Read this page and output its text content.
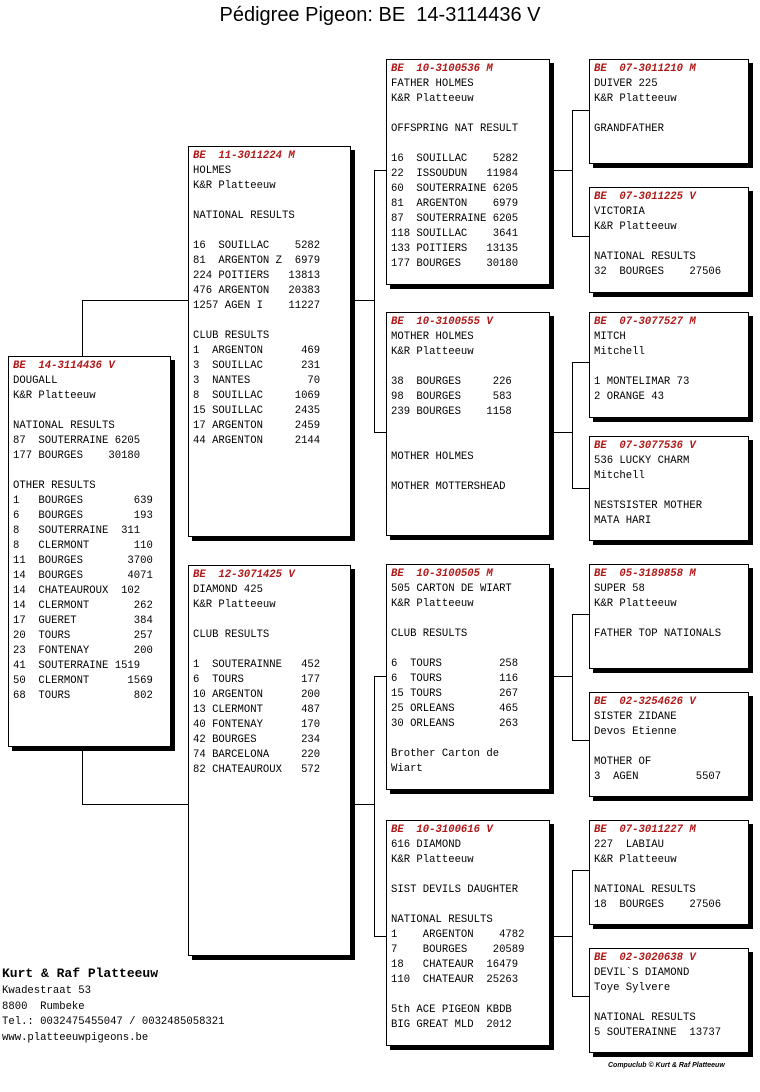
Pédigree Pigeon: BE  14-3114436 V
BE  14-3114436 V
DOUGALL
K&R Platteeuw
NATIONAL RESULTS
87  SOUTERRAINE 6205
177 BOURGES    30180
OTHER RESULTS
1   BOURGES        639
6   BOURGES        193
8   SOUTERRAINE  311
8   CLERMONT       110
11  BOURGES       3700
14  BOURGES       4071
14  CHATEAUROUX  102
14  CLERMONT       262
17  GUERET         384
20  TOURS          257
23  FONTENAY       200
41  SOUTERRAINE 1519
50  CLERMONT      1569
68  TOURS          802
BE  11-3011224 M
HOLMES
K&R Platteeuw
NATIONAL RESULTS
16  SOUILLAC    5282
81  ARGENTON Z  6979
224 POITIERS   13813
476 ARGENTON   20383
1257 AGEN I    11227
CLUB RESULTS
1  ARGENTON      469
3  SOUILLAC      231
3  NANTES         70
8  SOUILLAC     1069
15 SOUILLAC     2435
17 ARGENTON     2459
44 ARGENTON     2144
BE  12-3071425 V
DIAMOND 425
K&R Platteeuw
CLUB RESULTS
1  SOUTERAINNE   452
6  TOURS         177
10 ARGENTON      200
13 CLERMONT      487
40 FONTENAY      170
42 BOURGES       234
74 BARCELONA     220
82 CHATEAUROUX   572
BE  10-3100536 M
FATHER HOLMES
K&R Platteeuw
OFFSPRING NAT RESULT
16  SOUILLAC    5282
22  ISSOUDUN   11984
60  SOUTERRAINE 6205
81  ARGENTON    6979
87  SOUTERRAINE 6205
118 SOUILLAC    3641
133 POITIERS   13135
177 BOURGES    30180
BE  10-3100555 V
MOTHER HOLMES
K&R Platteeuw
38  BOURGES     226
98  BOURGES     583
239 BOURGES    1158
MOTHER HOLMES
MOTHER MOTTERSHEAD
BE  10-3100505 M
505 CARTON DE WIART
K&R Platteeuw
CLUB RESULTS
6  TOURS         258
6  TOURS         116
15 TOURS         267
25 ORLEANS       465
30 ORLEANS       263
Brother Carton de
Wiart
BE  10-3100616 V
616 DIAMOND
K&R Platteeuw
SIST DEVILS DAUGHTER
NATIONAL RESULTS
1    ARGENTON    4782
7    BOURGES    20589
18   CHATEAUR  16479
110  CHATEAUR  25263
5th ACE PIGEON KBDB
BIG GREAT MLD  2012
BE  07-3011210 M
DUIVER 225
K&R Platteeuw
GRANDFATHER
BE  07-3011225 V
VICTORIA
K&R Platteeuw
NATIONAL RESULTS
32  BOURGES    27506
BE  07-3077527 M
MITCH
Mitchell
1 MONTELIMAR 73
2 ORANGE 43
BE  07-3077536 V
536 LUCKY CHARM
Mitchell
NESTSISTER MOTHER
MATA HARI
BE  05-3189858 M
SUPER 58
K&R Platteeuw
FATHER TOP NATIONALS
BE  02-3254626 V
SISTER ZIDANE
Devos Etienne
MOTHER OF
3  AGEN         5507
BE  07-3011227 M
227  LABIAU
K&R Platteeuw
NATIONAL RESULTS
18  BOURGES    27506
BE  02-3020638 V
DEVIL`S DIAMOND
Toye Sylvere
NATIONAL RESULTS
5 SOUTERAINNE  13737
Kurt & Raf Platteeuw
Kwadestraat 53
8800  Rumbeke
Tel.: 0032475455047 / 0032485058321
www.platteeuwpigeons.be
Compuclub © Kurt & Raf Platteeuw
